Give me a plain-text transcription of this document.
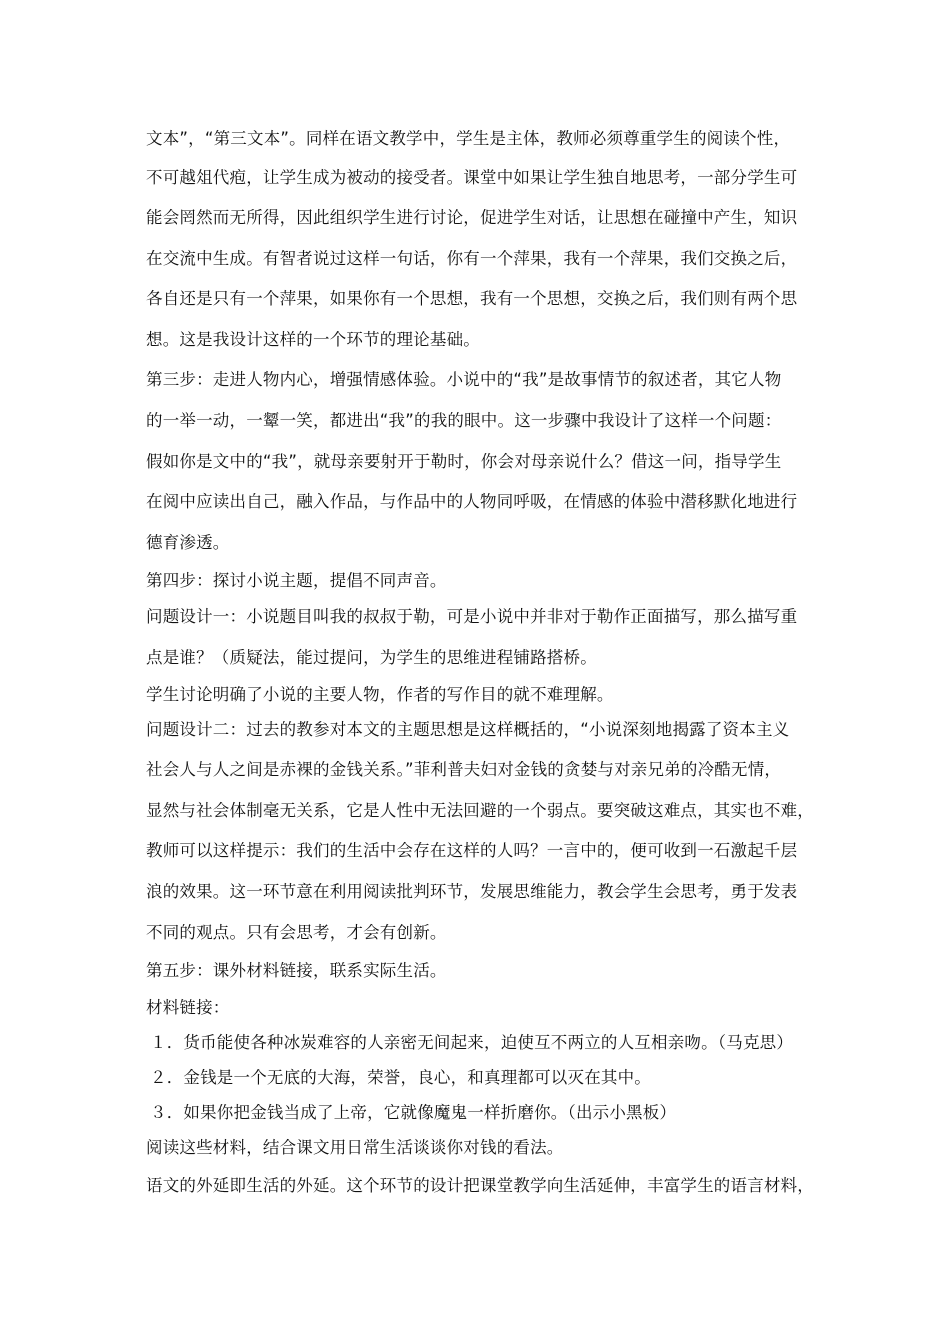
文本”，“第三文本”。同样在语文教学中，学生是主体，教师必须尊重学生的阅读个性，
不可越俎代疱，让学生成为被动的接受者。课堂中如果让学生独自地思考，一部分学生可
能会罔然而无所得，因此组织学生进行讨论，促进学生对话，让思想在碰撞中产生，知识
在交流中生成。有智者说过这样一句话，你有一个萍果，我有一个萍果，我们交换之后，
各自还是只有一个萍果，如果你有一个思想，我有一个思想，交换之后，我们则有两个思
想。这是我设计这样的一个环节的理论基础。
第三步：走进人物内心，增强情感体验。小说中的“我”是故事情节的叙述者，其它人物
的一举一动，一颦一笑，都进出“我”的我的眼中。这一步骤中我设计了这样一个问题：
假如你是文中的“我”，就母亲要射开于勒时，你会对母亲说什么？借这一问，指导学生
在阅中应读出自己，融入作品，与作品中的人物同呼吸，在情感的体验中潜移默化地进行
德育渗透。
第四步：探讨小说主题，提倡不同声音。
问题设计一：小说题目叫我的叔叔于勒，可是小说中并非对于勒作正面描写，那么描写重
点是谁？（质疑法，能过提问，为学生的思维进程铺路搭桥。
学生讨论明确了小说的主要人物，作者的写作目的就不难理解。
问题设计二：过去的教参对本文的主题思想是这样概括的，“小说深刻地揭露了资本主义
社会人与人之间是赤裸的金钱关系。”菲利普夫妇对金钱的贪婪与对亲兄弟的冷酷无情，
显然与社会体制毫无关系，它是人性中无法回避的一个弱点。要突破这难点，其实也不难，
教师可以这样提示：我们的生活中会存在这样的人吗？一言中的，便可收到一石激起千层
浪的效果。这一环节意在利用阅读批判环节，发展思维能力，教会学生会思考，勇于发表
不同的观点。只有会思考，才会有创新。
第五步：课外材料链接，联系实际生活。
材料链接：
１．货币能使各种冰炭难容的人亲密无间起来，迫使互不两立的人互相亲吻。（马克思）
２．金钱是一个无底的大海，荣誉，良心，和真理都可以灭在其中。
３．如果你把金钱当成了上帝，它就像魔鬼一样折磨你。（出示小黑板）
阅读这些材料，结合课文用日常生活谈谈你对钱的看法。
语文的外延即生活的外延。这个环节的设计把课堂教学向生活延伸，丰富学生的语言材料，
